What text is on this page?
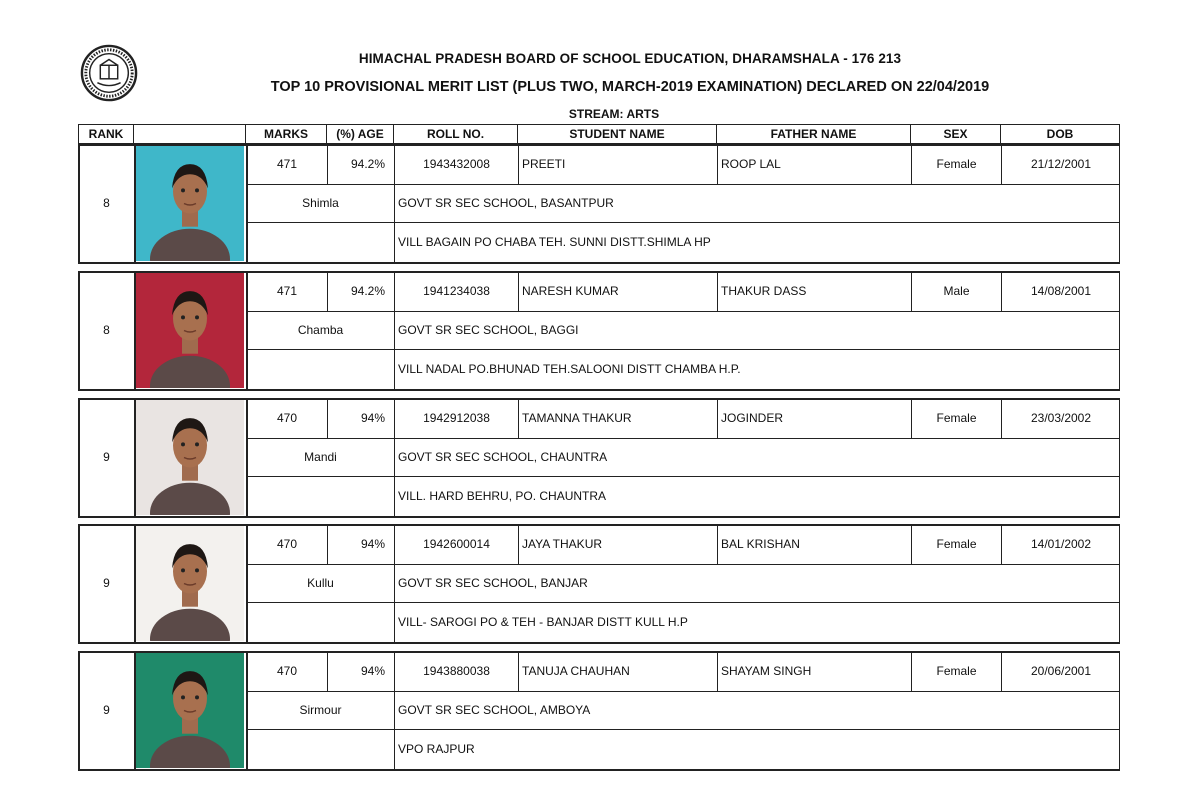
HIMACHAL PRADESH BOARD OF SCHOOL EDUCATION, DHARAMSHALA - 176 213
TOP 10 PROVISIONAL MERIT LIST (PLUS TWO, MARCH-2019 EXAMINATION) DECLARED ON 22/04/2019
STREAM: ARTS
RANK	MARKS	(%) AGE	ROLL NO.	STUDENT NAME	FATHER NAME	SEX	DOB
8
471	94.2%	1943432008	PREETI	ROOP LAL	Female	21/12/2001
Shimla	GOVT SR SEC SCHOOL, BASANTPUR
VILL BAGAIN PO CHABA TEH. SUNNI DISTT.SHIMLA HP
8
471	94.2%	1941234038	NARESH KUMAR	THAKUR DASS	Male	14/08/2001
Chamba	GOVT SR SEC SCHOOL, BAGGI
VILL NADAL PO.BHUNAD TEH.SALOONI DISTT CHAMBA H.P.
9
470	94%	1942912038	TAMANNA THAKUR	JOGINDER	Female	23/03/2002
Mandi	GOVT SR SEC SCHOOL, CHAUNTRA
VILL. HARD BEHRU, PO. CHAUNTRA
9
470	94%	1942600014	JAYA THAKUR	BAL KRISHAN	Female	14/01/2002
Kullu	GOVT SR SEC SCHOOL, BANJAR
VILL- SAROGI PO & TEH - BANJAR DISTT KULL H.P
9
470	94%	1943880038	TANUJA CHAUHAN	SHAYAM SINGH	Female	20/06/2001
Sirmour	GOVT SR SEC SCHOOL, AMBOYA
VPO RAJPUR
